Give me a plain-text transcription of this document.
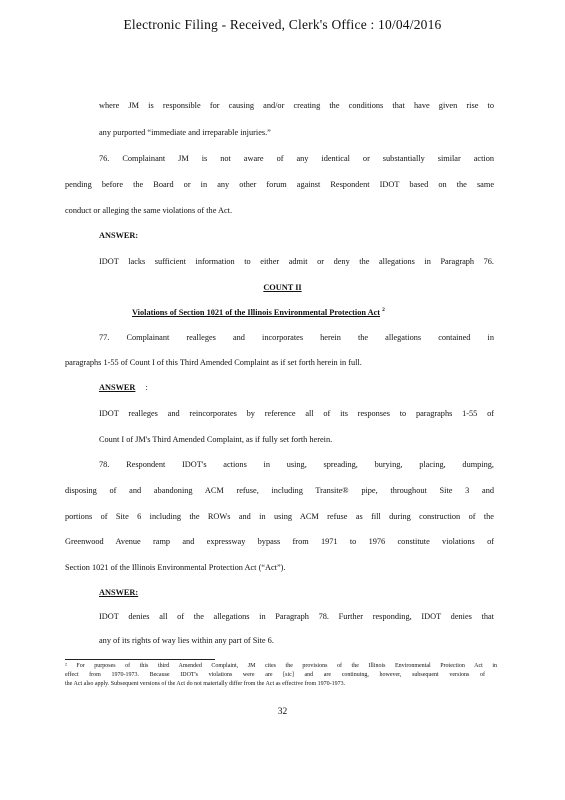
Electronic Filing - Received, Clerk's Office : 10/04/2016
where JM is responsible for causing and/or creating the conditions that have given rise to
any purported “immediate and irreparable injuries.”
76. Complainant JM is not aware of any identical or substantially similar action
pending before the Board or in any other forum against Respondent IDOT based on the same
conduct or alleging the same violations of the Act.
ANSWER:
IDOT lacks sufficient information to either admit or deny the allegations in Paragraph 76.
COUNT II
Violations of Section 1021 of the Illinois Environmental Protection Act $^2$
77. Complainant realleges and incorporates herein the allegations contained in
paragraphs 1-55 of Count I of this Third Amended Complaint as if set forth herein in full.
ANSWER :
IDOT realleges and reincorporates by reference all of its responses to paragraphs 1-55 of
Count I of JM's Third Amended Complaint, as if fully set forth herein.
78. Respondent IDOT's actions in using, spreading, burying, placing, dumping,
disposing of and abandoning ACM refuse, including Transite® pipe, throughout Site 3 and
portions of Site 6 including the ROWs and in using ACM refuse as fill during construction of the
Greenwood Avenue ramp and expressway bypass from 1971 to 1976 constitute violations of
Section 1021 of the Illinois Environmental Protection Act (“Act”).
ANSWER:
IDOT denies all of the allegations in Paragraph 78. Further responding, IDOT denies that
any of its rights of way lies within any part of Site 6.
² For purposes of this third Amended Complaint, JM cites the provisions of the Illinois Environmental Protection Act in
effect from 1970-1973. Because IDOT's violations were are [sic] and are continuing, however, subsequent versions of
the Act also apply. Subsequent versions of the Act do not materially differ from the Act as effective from 1970-1973.
32
